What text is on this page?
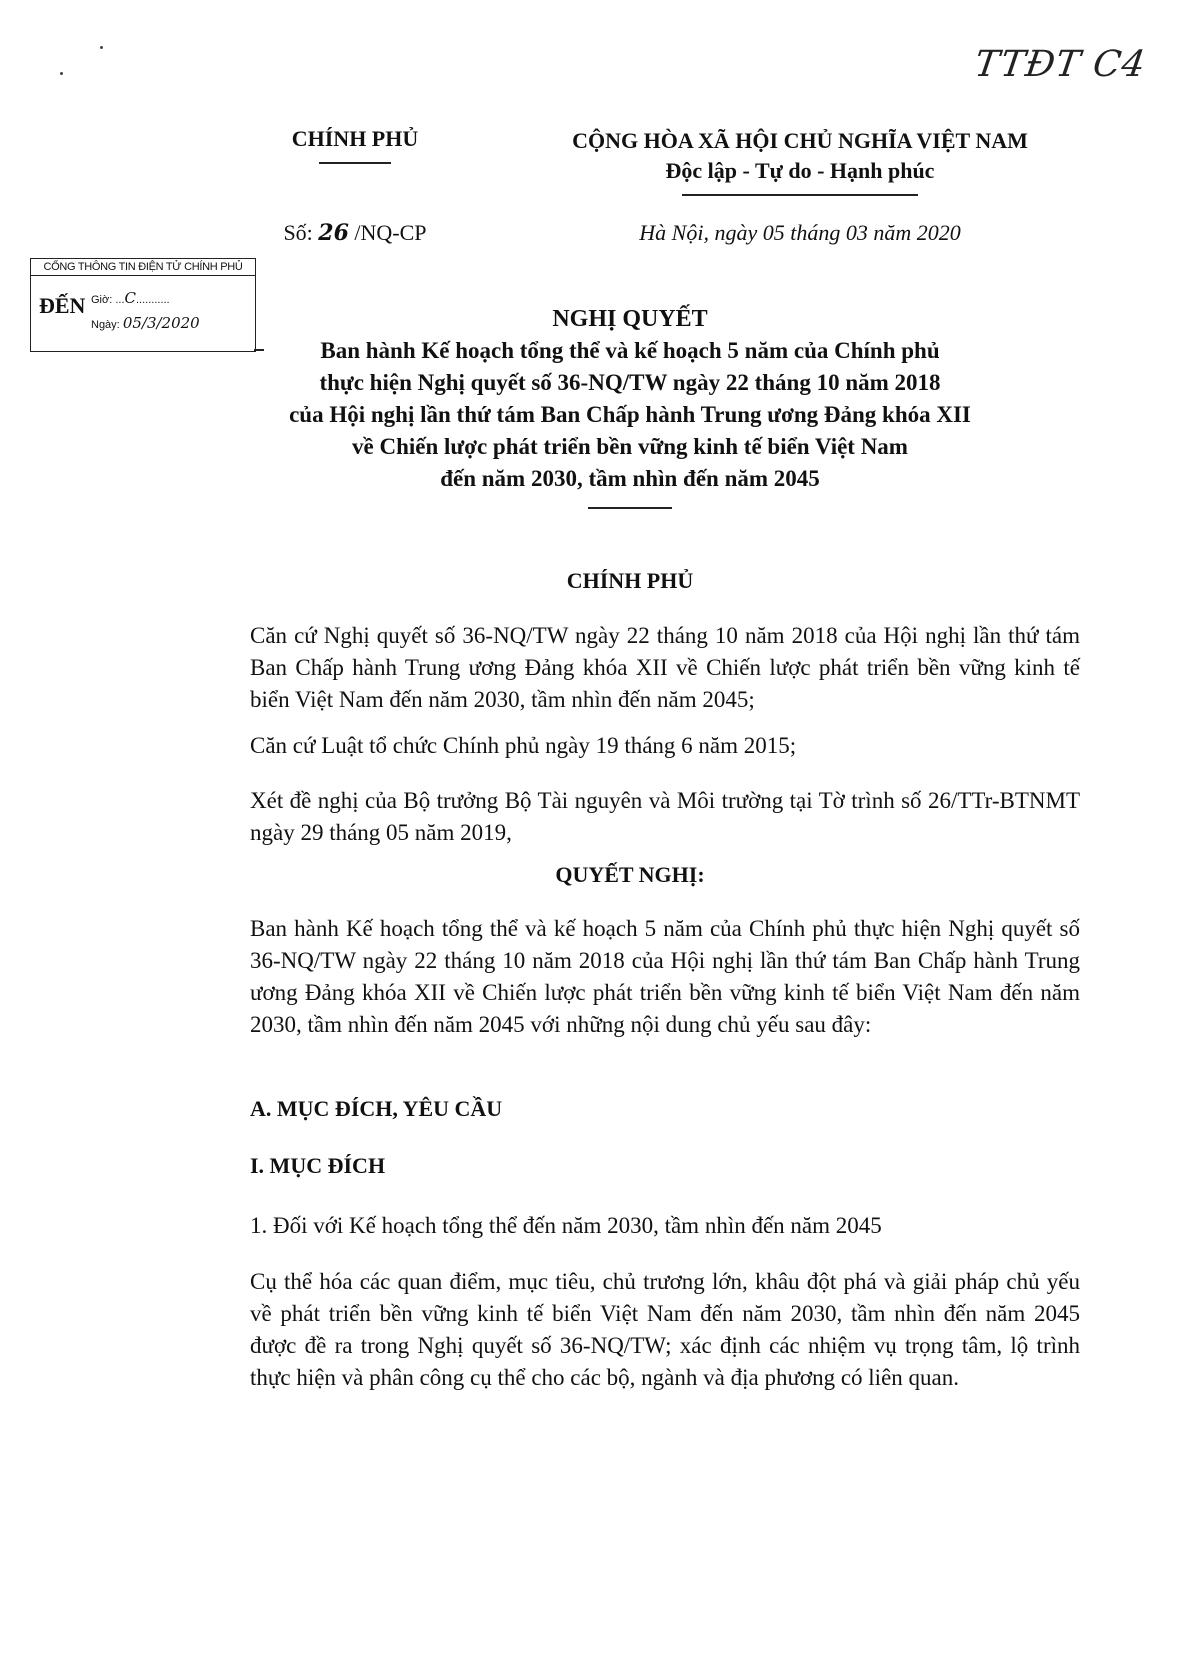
TTĐT C4
CHÍNH PHỦ	CỘNG HÒA XÃ HỘI CHỦ NGHĨA VIỆT NAM
Độc lập - Tự do - Hạnh phúc
Số: 26 /NQ-CP	Hà Nội, ngày 05 tháng 03 năm 2020
CỔNG THÔNG TIN ĐIỆN TỬ CHÍNH PHỦ
ĐẾN Giờ: ...C...........
Ngày: 05/3/2020	NGHỊ QUYẾT
Ban hành Kế hoạch tổng thể và kế hoạch 5 năm của Chính phủ
thực hiện Nghị quyết số 36-NQ/TW ngày 22 tháng 10 năm 2018
của Hội nghị lần thứ tám Ban Chấp hành Trung ương Đảng khóa XII
về Chiến lược phát triển bền vững kinh tế biển Việt Nam
đến năm 2030, tầm nhìn đến năm 2045
CHÍNH PHỦ
Căn cứ Nghị quyết số 36-NQ/TW ngày 22 tháng 10 năm 2018 của Hội nghị lần thứ tám Ban Chấp hành Trung ương Đảng khóa XII về Chiến lược phát triển bền vững kinh tế biển Việt Nam đến năm 2030, tầm nhìn đến năm 2045;
Căn cứ Luật tổ chức Chính phủ ngày 19 tháng 6 năm 2015;
Xét đề nghị của Bộ trưởng Bộ Tài nguyên và Môi trường tại Tờ trình số 26/TTr-BTNMT ngày 29 tháng 05 năm 2019,
QUYẾT NGHỊ:
Ban hành Kế hoạch tổng thể và kế hoạch 5 năm của Chính phủ thực hiện Nghị quyết số 36-NQ/TW ngày 22 tháng 10 năm 2018 của Hội nghị lần thứ tám Ban Chấp hành Trung ương Đảng khóa XII về Chiến lược phát triển bền vững kinh tế biển Việt Nam đến năm 2030, tầm nhìn đến năm 2045 với những nội dung chủ yếu sau đây:
A. MỤC ĐÍCH, YÊU CẦU
I. MỤC ĐÍCH
1. Đối với Kế hoạch tổng thể đến năm 2030, tầm nhìn đến năm 2045
Cụ thể hóa các quan điểm, mục tiêu, chủ trương lớn, khâu đột phá và giải pháp chủ yếu về phát triển bền vững kinh tế biển Việt Nam đến năm 2030, tầm nhìn đến năm 2045 được đề ra trong Nghị quyết số 36-NQ/TW; xác định các nhiệm vụ trọng tâm, lộ trình thực hiện và phân công cụ thể cho các bộ, ngành và địa phương có liên quan.
